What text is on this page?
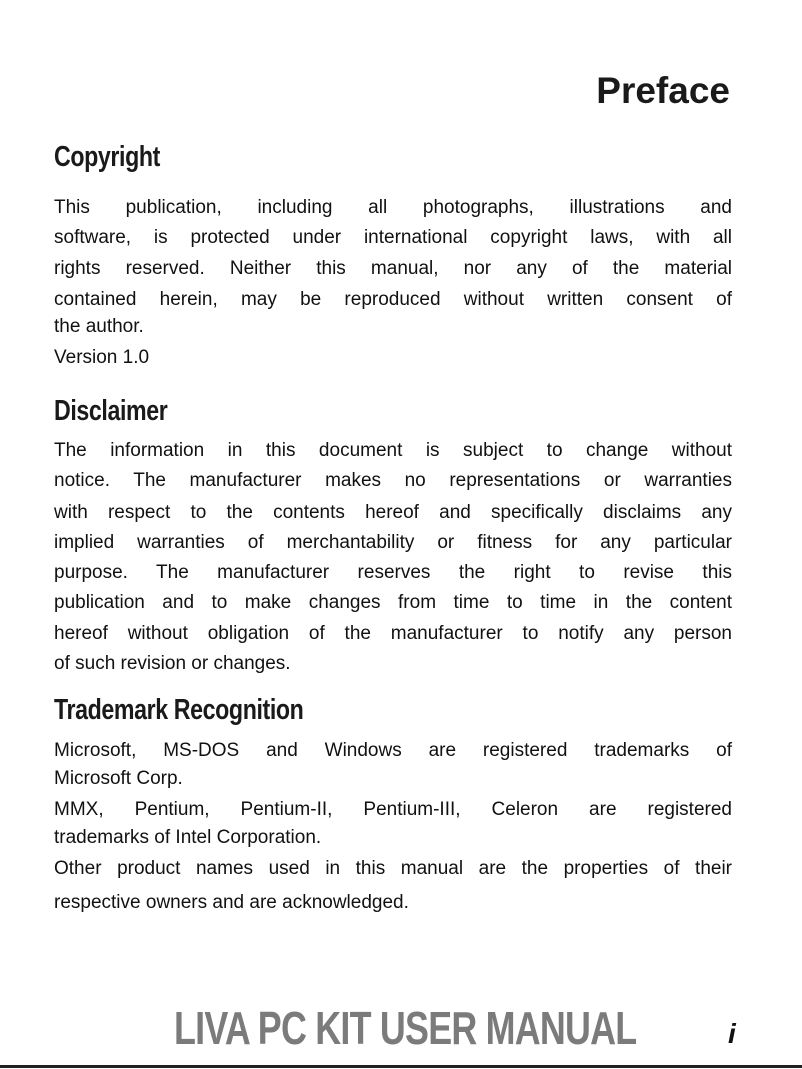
Preface
Copyright
This publication, including all photographs, illustrations and
software, is protected under international copyright laws, with all
rights reserved. Neither this manual, nor any of the material
contained herein, may be reproduced without written consent of
the author.
Version 1.0
Disclaimer
The information in this document is subject to change without
notice. The manufacturer makes no representations or warranties
with respect to the contents hereof and specifically disclaims any
implied warranties of merchantability or fitness for any particular
purpose. The manufacturer reserves the right to revise this
publication and to make changes from time to time in the content
hereof without obligation of the manufacturer to notify any person
of such revision or changes.
Trademark Recognition
Microsoft, MS-DOS and Windows are registered trademarks of
Microsoft Corp.
MMX, Pentium, Pentium-II, Pentium-III, Celeron are registered
trademarks of Intel Corporation.
Other product names used in this manual are the properties of their
respective owners and are acknowledged.
LIVA PC KIT USER MANUAL	i
